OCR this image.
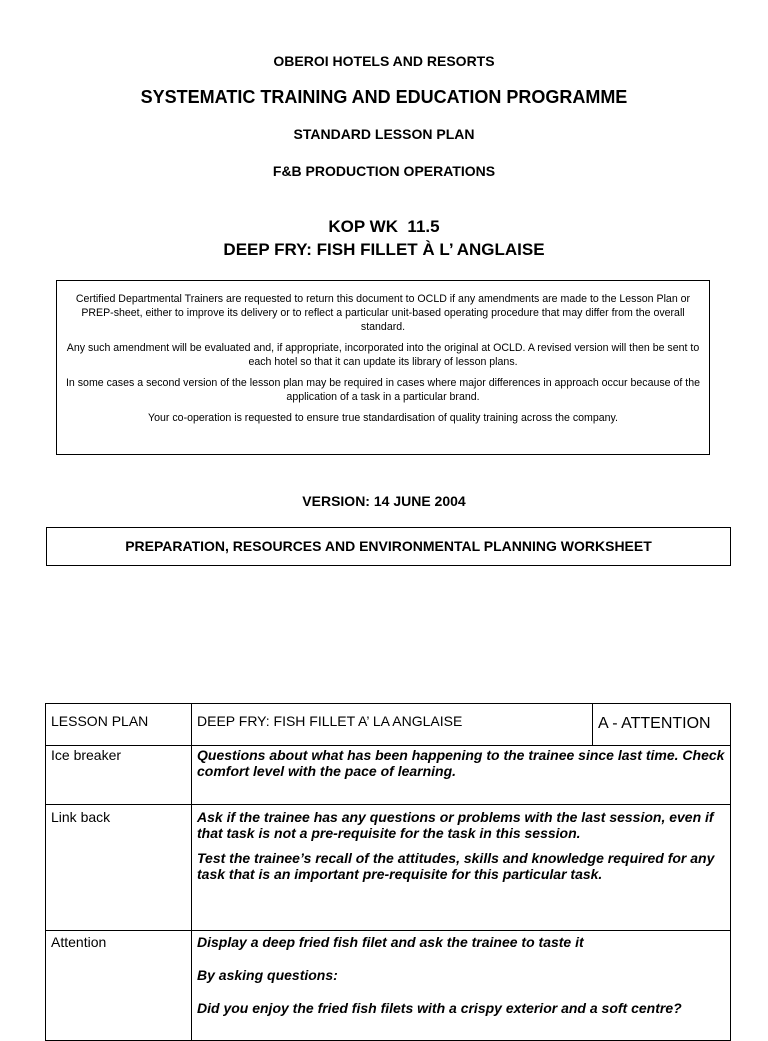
OBEROI HOTELS AND RESORTS
SYSTEMATIC TRAINING AND EDUCATION PROGRAMME
STANDARD LESSON PLAN
F&B PRODUCTION OPERATIONS
KOP WK  11.5
DEEP FRY: FISH FILLET À L’ ANGLAISE

Certified Departmental Trainers are requested to return this document to OCLD if any amendments are made to the Lesson Plan or PREP-sheet, either to improve its delivery or to reflect a particular unit-based operating procedure that may differ from the overall standard.

Any such amendment will be evaluated and, if appropriate, incorporated into the original at OCLD. A revised version will then be sent to each hotel so that it can update its library of lesson plans.

In some cases a second version of the lesson plan may be required in cases where major differences in approach occur because of the application of a task in a particular brand.

Your co-operation is requested to ensure true standardisation of quality training across the company.

VERSION: 14 JUNE 2004
PREPARATION, RESOURCES AND ENVIRONMENTAL PLANNING WORKSHEET
LESSON PLAN	DEEP FRY: FISH FILLET A’ LA ANGLAISE	A - ATTENTION
Ice breaker	Questions about what has been happening to the trainee since last time. Check comfort level with the pace of learning.	

Link back	Ask if the trainee has any questions or problems with the last session, even if that task is not a pre-requisite for the task in this session.

Test the trainee’s recall of the attitudes, skills and knowledge required for any task that is an important pre-requisite for this particular task.	

Attention	Display a deep fried fish filet and ask the trainee to taste it

By asking questions:

Did you enjoy the fried fish filets with a crispy exterior and a soft centre?	
